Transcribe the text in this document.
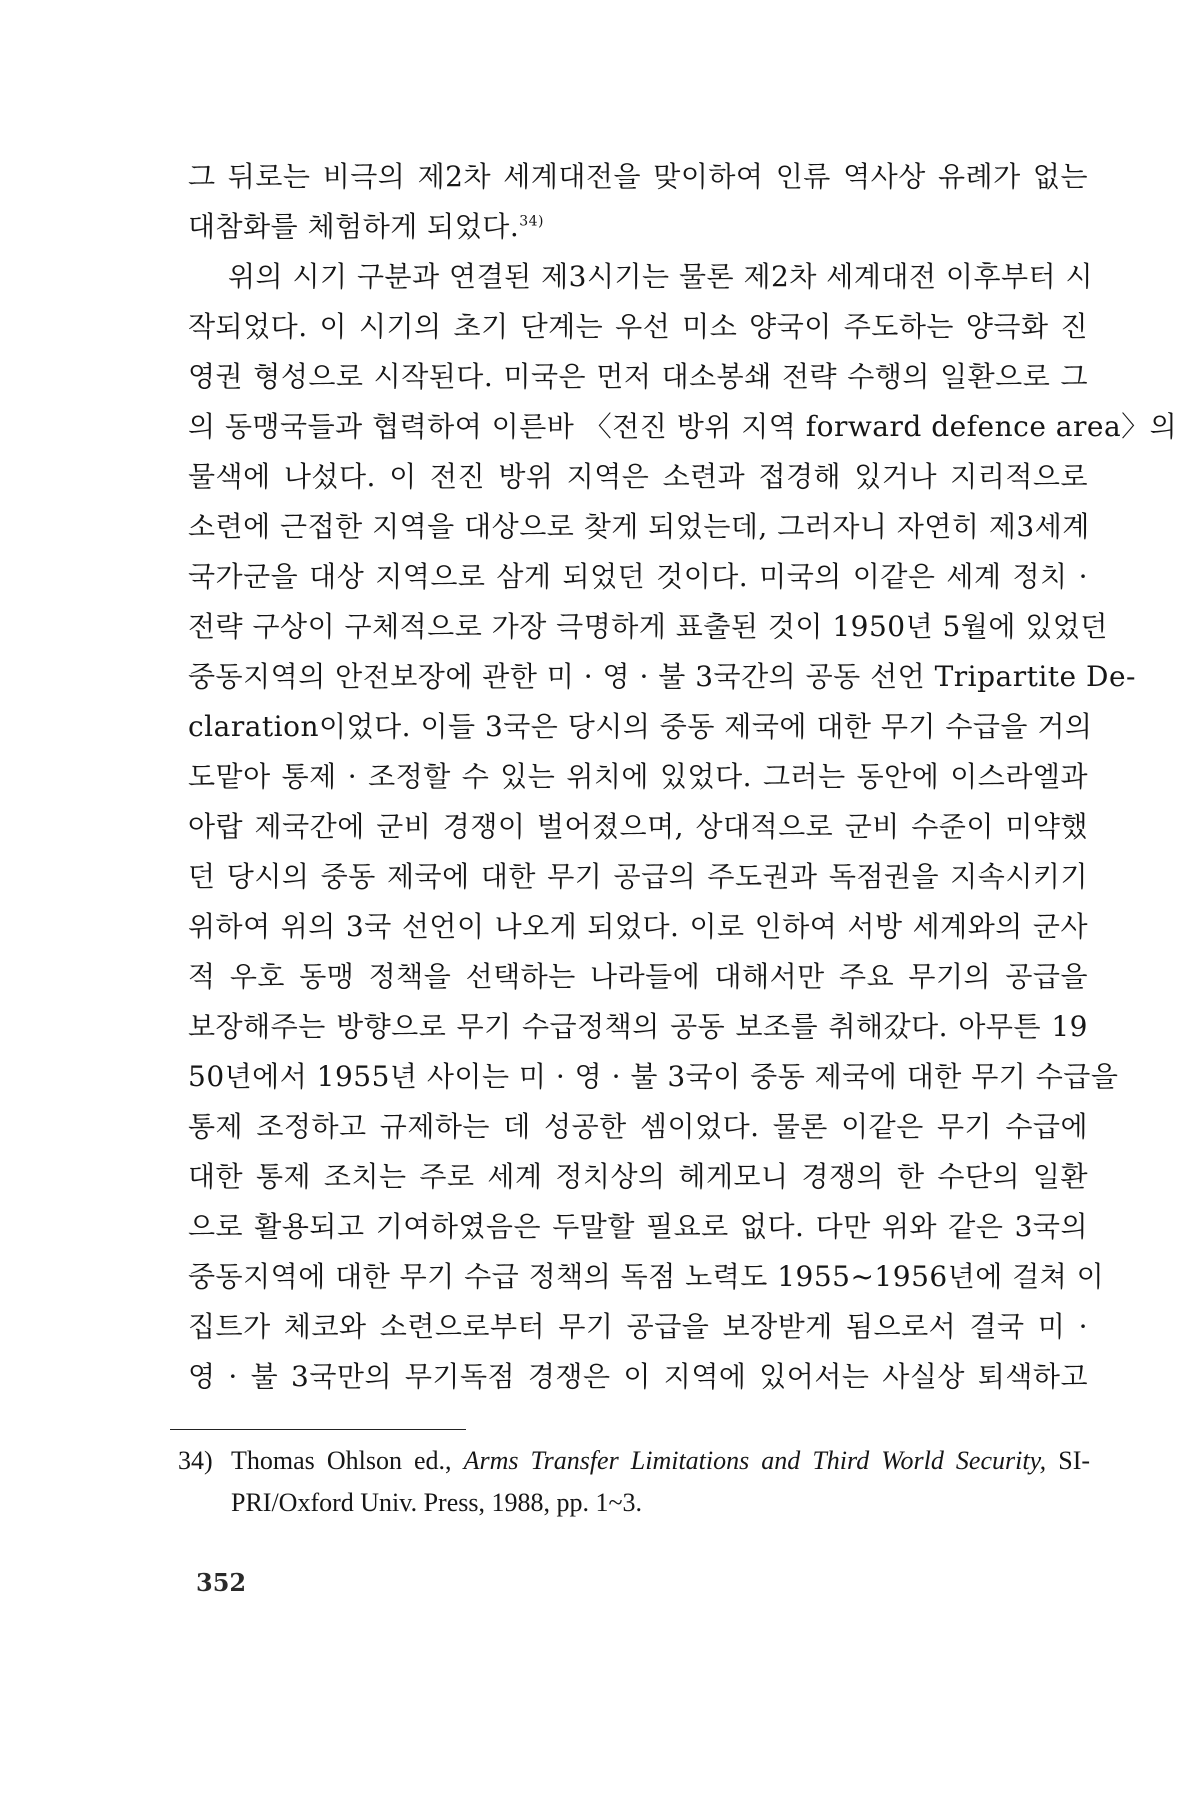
그 뒤로는 비극의 제2차 세계대전을 맞이하여 인류 역사상 유례가 없는
대참화를 체험하게 되었다.$^{34)}$
위의 시기 구분과 연결된 제3시기는 물론 제2차 세계대전 이후부터 시
작되었다. 이 시기의 초기 단계는 우선 미소 양국이 주도하는 양극화 진
영권 형성으로 시작된다. 미국은 먼저 대소봉쇄 전략 수행의 일환으로 그
의 동맹국들과 협력하여 이른바 〈전진 방위 지역 forward defence area〉의
물색에 나섰다. 이 전진 방위 지역은 소련과 접경해 있거나 지리적으로
소련에 근접한 지역을 대상으로 찾게 되었는데, 그러자니 자연히 제3세계
국가군을 대상 지역으로 삼게 되었던 것이다. 미국의 이같은 세계 정치 ·
전략 구상이 구체적으로 가장 극명하게 표출된 것이 1950년 5월에 있었던
중동지역의 안전보장에 관한 미 · 영 · 불 3국간의 공동 선언 Tripartite De-
claration이었다. 이들 3국은 당시의 중동 제국에 대한 무기 수급을 거의
도맡아 통제 · 조정할 수 있는 위치에 있었다. 그러는 동안에 이스라엘과
아랍 제국간에 군비 경쟁이 벌어졌으며, 상대적으로 군비 수준이 미약했
던 당시의 중동 제국에 대한 무기 공급의 주도권과 독점권을 지속시키기
위하여 위의 3국 선언이 나오게 되었다. 이로 인하여 서방 세계와의 군사
적 우호 동맹 정책을 선택하는 나라들에 대해서만 주요 무기의 공급을
보장해주는 방향으로 무기 수급정책의 공동 보조를 취해갔다. 아무튼 19
50년에서 1955년 사이는 미 · 영 · 불 3국이 중동 제국에 대한 무기 수급을
통제 조정하고 규제하는 데 성공한 셈이었다. 물론 이같은 무기 수급에
대한 통제 조치는 주로 세계 정치상의 헤게모니 경쟁의 한 수단의 일환
으로 활용되고 기여하였음은 두말할 필요로 없다. 다만 위와 같은 3국의
중동지역에 대한 무기 수급 정책의 독점 노력도 1955~1956년에 걸쳐 이
집트가 체코와 소련으로부터 무기 공급을 보장받게 됨으로서 결국 미 ·
영 · 불 3국만의 무기독점 경쟁은 이 지역에 있어서는 사실상 퇴색하고
34) Thomas Ohlson ed., Arms Transfer Limitations and Third World Security, SI-
PRI/Oxford Univ. Press, 1988, pp. 1~3.
352
